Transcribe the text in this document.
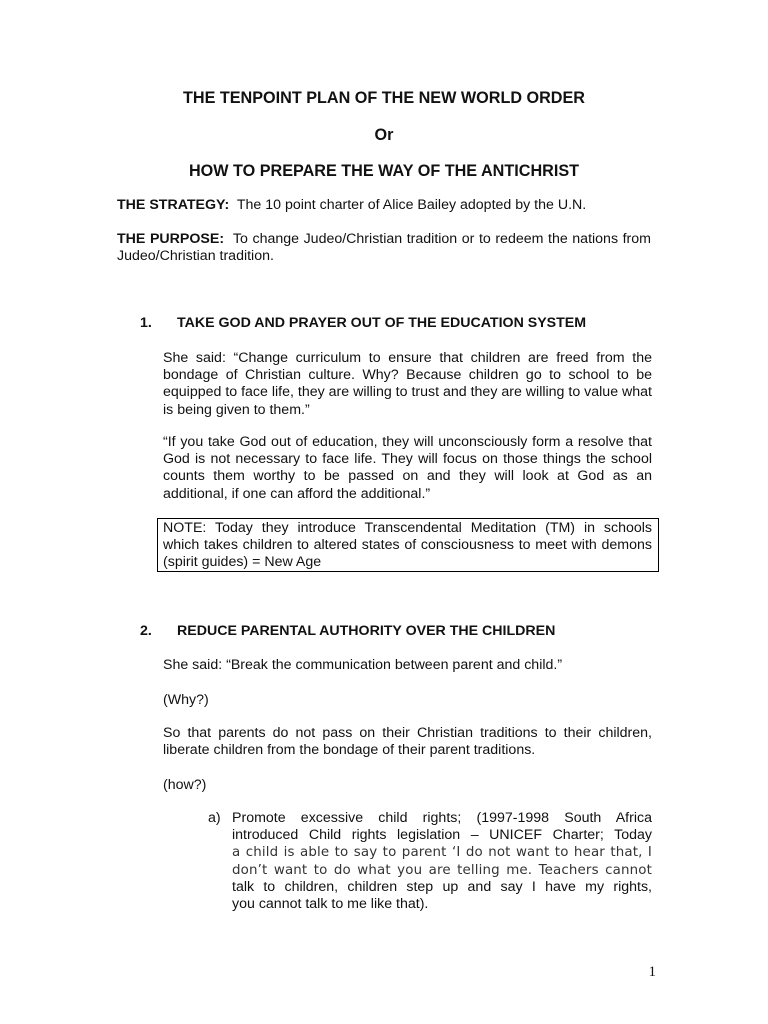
THE TENPOINT PLAN OF THE NEW WORLD ORDER
Or
HOW TO PREPARE THE WAY OF THE ANTICHRIST

THE STRATEGY: The 10 point charter of Alice Bailey adopted by the U.N.

THE PURPOSE: To change Judeo/Christian tradition or to redeem the nations from Judeo/Christian tradition.

1. TAKE GOD AND PRAYER OUT OF THE EDUCATION SYSTEM

She said: “Change curriculum to ensure that children are freed from the bondage of Christian culture. Why? Because children go to school to be equipped to face life, they are willing to trust and they are willing to value what is being given to them.”

“If you take God out of education, they will unconsciously form a resolve that God is not necessary to face life. They will focus on those things the school counts them worthy to be passed on and they will look at God as an additional, if one can afford the additional.”

NOTE: Today they introduce Transcendental Meditation (TM) in schools which takes children to altered states of consciousness to meet with demons (spirit guides) = New Age
2. REDUCE PARENTAL AUTHORITY OVER THE CHILDREN

She said: “Break the communication between parent and child.”

(Why?)

So that parents do not pass on their Christian traditions to their children, liberate children from the bondage of their parent traditions.

(how?)

a) Promote excessive child rights; (1997-1998 South Africa
introduced Child rights legislation – UNICEF Charter; Today
a child is able to say to parent ‘I do not want to hear that, I
don’t want to do what you are telling me. Teachers cannot
talk to children, children step up and say I have my rights,
you cannot talk to me like that).
1
